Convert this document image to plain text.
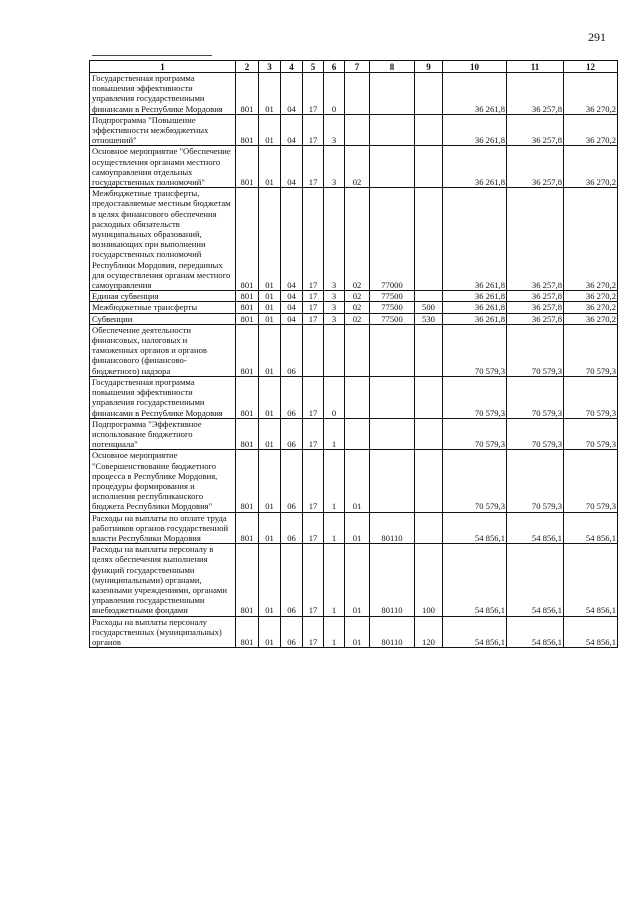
291
1	2	3	4	5	6	7	8	9	10	11	12
Государственная программа повышения эффективности управления государственными финансами в Республике Мордовия	801	01	04	17	0				36 261,8	36 257,8	36 270,2
Подпрограмма "Повышение эффективности межбюджетных отношений"	801	01	04	17	3				36 261,8	36 257,8	36 270,2
Основное мероприятие "Обеспечение осуществления органами местного самоуправления отдельных государственных полномочий"	801	01	04	17	3	02			36 261,8	36 257,8	36 270,2
Межбюджетные трансферты, предоставляемые местным бюджетам в целях финансового обеспечения расходных обязательств муниципальных образований, возникающих при выполнении государственных полномочий Республики Мордовия, переданных для осуществления органам местного самоуправления	801	01	04	17	3	02	77000		36 261,8	36 257,8	36 270,2
Единая субвенция	801	01	04	17	3	02	77500		36 261,8	36 257,8	36 270,2
Межбюджетные трансферты	801	01	04	17	3	02	77500	500	36 261,8	36 257,8	36 270,2
Субвенции	801	01	04	17	3	02	77500	530	36 261,8	36 257,8	36 270,2
Обеспечение деятельности финансовых, налоговых и таможенных органов и органов финансового (финансово-бюджетного) надзора	801	01	06						70 579,3	70 579,3	70 579,3
Государственная программа повышения эффективности управления государственными финансами в Республике Мордовия	801	01	06	17	0				70 579,3	70 579,3	70 579,3
Подпрограмма "Эффективное использование бюджетного потенциала"	801	01	06	17	1				70 579,3	70 579,3	70 579,3
Основное мероприятие "Совершенствование бюджетного процесса в Республике Мордовия, процедуры формирования и исполнения республиканского бюджета Республики Мордовия"	801	01	06	17	1	01			70 579,3	70 579,3	70 579,3
Расходы на выплаты по оплате труда работников органов государственной власти Республики Мордовия	801	01	06	17	1	01	80110		54 856,1	54 856,1	54 856,1
Расходы на выплаты персоналу в целях обеспечения выполнения функций государственными (муниципальными) органами, казенными учреждениями, органами управления государственными внебюджетными фондами	801	01	06	17	1	01	80110	100	54 856,1	54 856,1	54 856,1
Расходы на выплаты персоналу государственных (муниципальных) органов	801	01	06	17	1	01	80110	120	54 856,1	54 856,1	54 856,1
